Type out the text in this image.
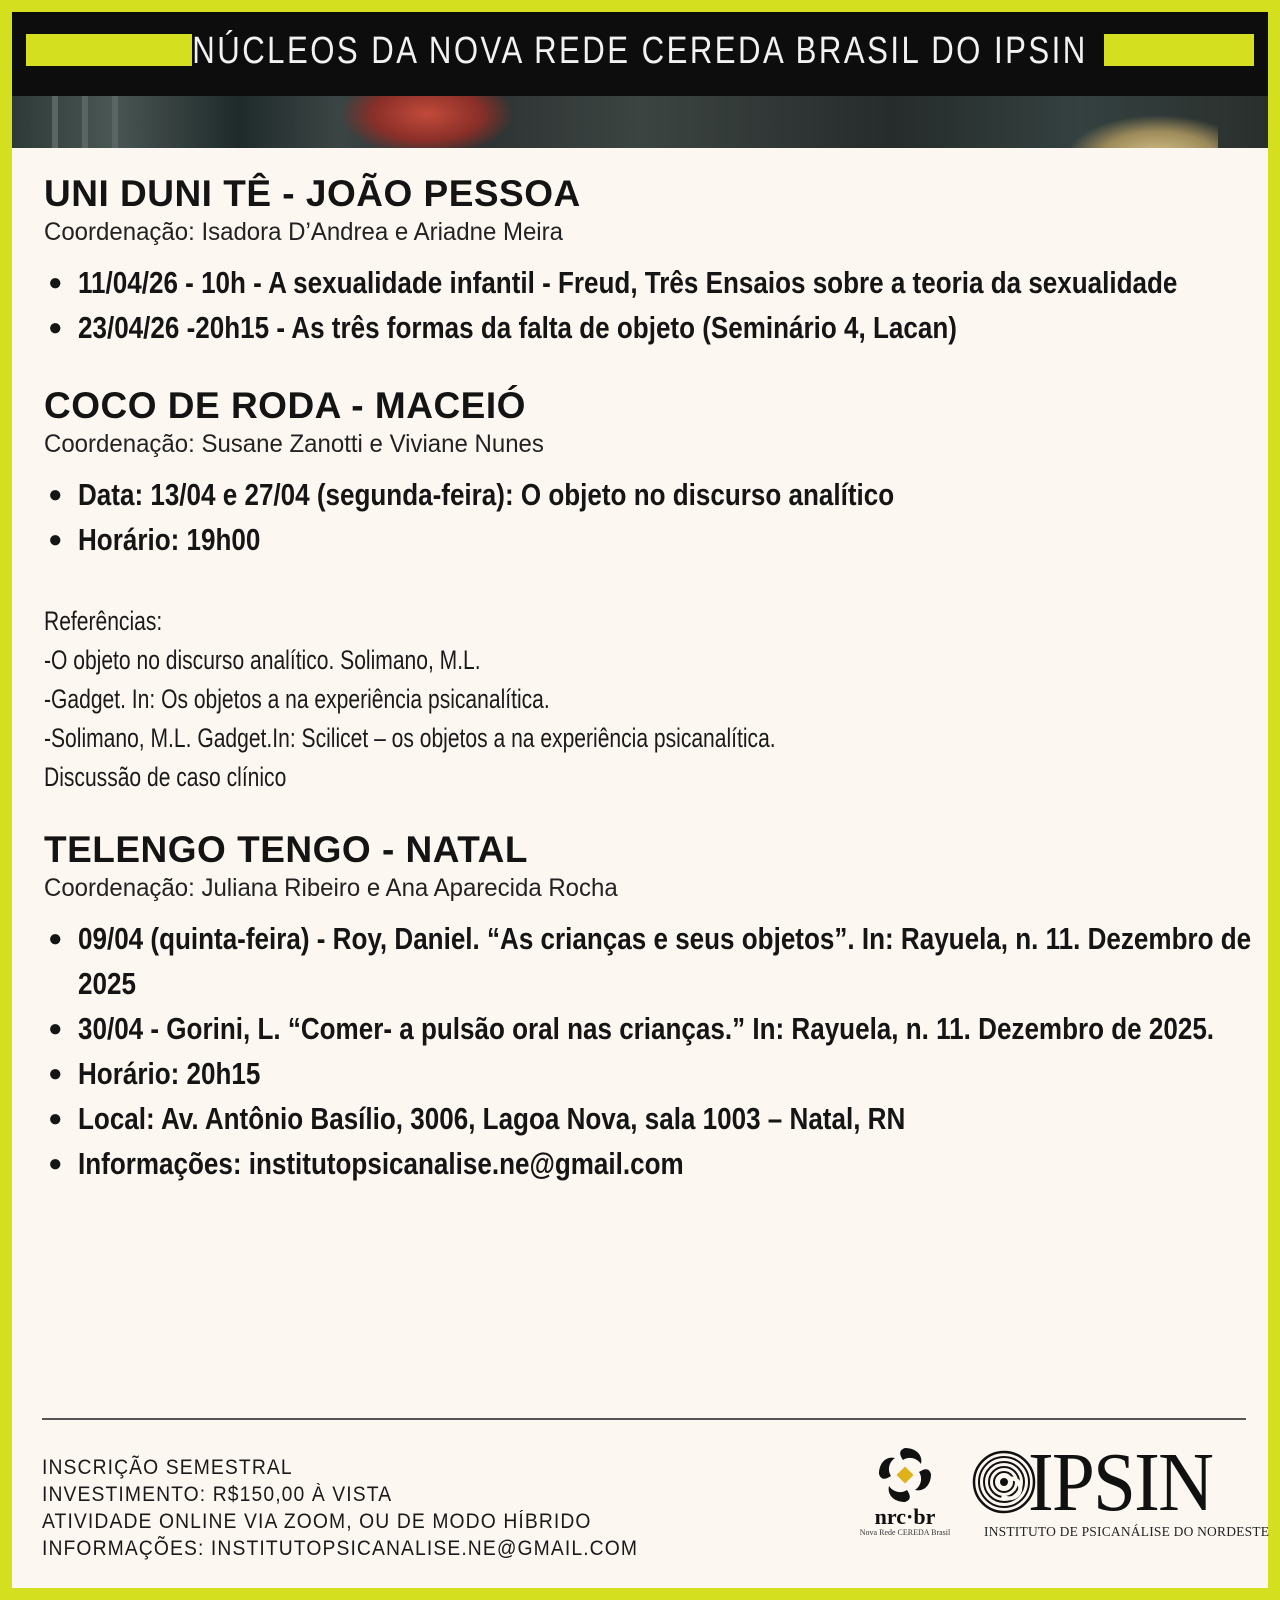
NÚCLEOS DA NOVA REDE CEREDA BRASIL DO IPSIN
UNI DUNI TÊ - JOÃO PESSOA
Coordenação: Isadora D’Andrea e Ariadne Meira
● 11/04/26 - 10h - A sexualidade infantil - Freud, Três Ensaios sobre a teoria da sexualidade
● 23/04/26 -20h15 - As três formas da falta de objeto (Seminário 4, Lacan)
COCO DE RODA - MACEIÓ
Coordenação: Susane Zanotti e Viviane Nunes
● Data: 13/04 e 27/04 (segunda-feira): O objeto no discurso analítico
● Horário: 19h00
Referências:
-O objeto no discurso analítico. Solimano, M.L.
-Gadget. In: Os objetos a na experiência psicanalítica.
-Solimano, M.L. Gadget.In: Scilicet – os objetos a na experiência psicanalítica.
Discussão de caso clínico
TELENGO TENGO - NATAL
Coordenação: Juliana Ribeiro e Ana Aparecida Rocha
● 09/04 (quinta-feira) - Roy, Daniel. “As crianças e seus objetos”. In: Rayuela, n. 11. Dezembro de 2025
● 30/04 - Gorini, L. “Comer- a pulsão oral nas crianças.” In: Rayuela, n. 11. Dezembro de 2025.
● Horário: 20h15
● Local: Av. Antônio Basílio, 3006, Lagoa Nova, sala 1003 – Natal, RN
● Informações: institutopsicanalise.ne@gmail.com
INSCRIÇÃO SEMESTRAL
INVESTIMENTO: R$150,00 À VISTA
ATIVIDADE ONLINE VIA ZOOM, OU DE MODO HÍBRIDO
INFORMAÇÕES: INSTITUTOPSICANALISE.NE@GMAIL.COM
nrc·br
Nova Rede CEREDA Brasil
IPSIN
INSTITUTO DE PSICANÁLISE DO NORDESTE
